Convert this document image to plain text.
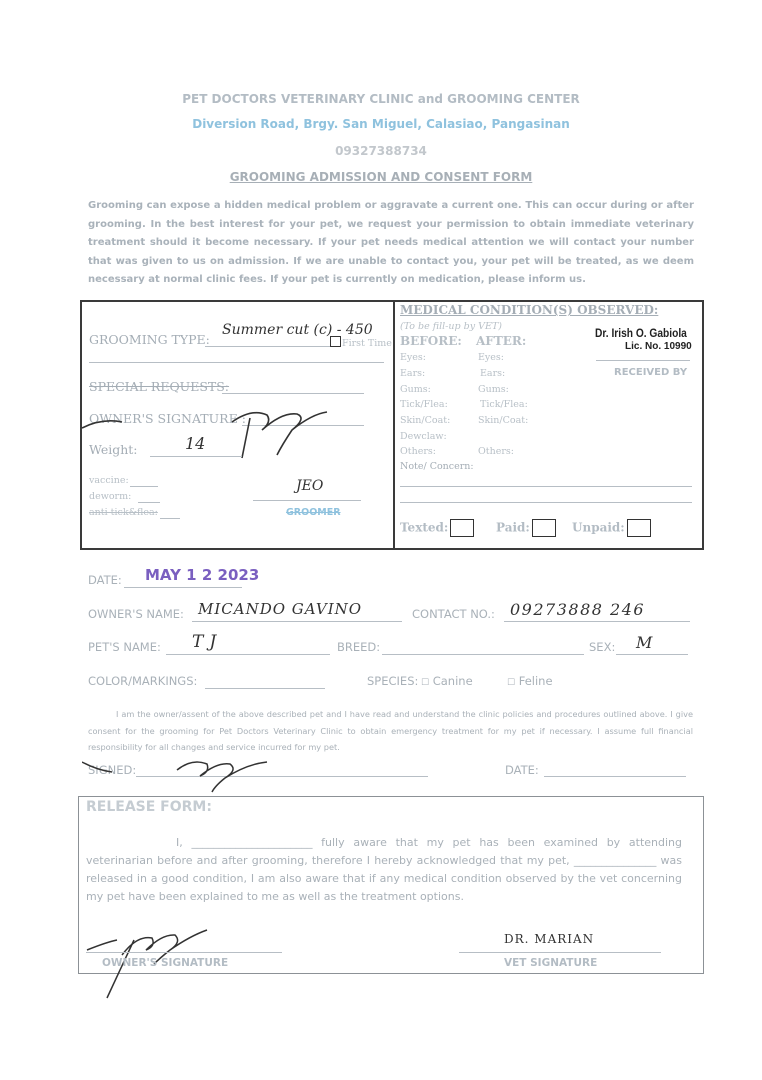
PET DOCTORS VETERINARY CLINIC and GROOMING CENTER
Diversion Road, Brgy. San Miguel, Calasiao, Pangasinan
09327388734
GROOMING ADMISSION AND CONSENT FORM
Grooming can expose a hidden medical problem or aggravate a current one. This can occur during or after grooming. In the best interest for your pet, we request your permission to obtain immediate veterinary treatment should it become necessary. If your pet needs medical attention we will contact your number that was given to us on admission. If we are unable to contact you, your pet will be treated, as we deem necessary at normal clinic fees. If your pet is currently on medication, please inform us.
GROOMING TYPE:
Summer cut (c) - 450
First Time
SPECIAL REQUESTS:
OWNER'S SIGNATURE :
Weight:	14
vaccine:
deworm:
anti tick&flea:
JEO
GROOMER
MEDICAL CONDITION(S) OBSERVED:
(To be fill-up by VET)
BEFORE: AFTER:
Dr. Irish O. Gabiola
Lic. No. 10990
RECEIVED BY
Eyes:	Eyes:
Ears:	Ears:
Gums:	Gums:
Tick/Flea:	Tick/Flea:
Skin/Coat:	Skin/Coat:
Dewclaw:
Others:	Others:
Note/ Concern:
Texted:	Paid:	Unpaid:
DATE: MAY 1 2 2023
OWNER'S NAME: MICANDO GAVINO	CONTACT NO.: 09273888 246
PET'S NAME: TJ	BREED:	SEX: M
COLOR/MARKINGS:	SPECIES: ☐ Canine	☐ Feline
I am the owner/assent of the above described pet and I have read and understand the clinic policies and procedures outlined above. I give consent for the grooming for Pet Doctors Veterinary Clinic to obtain emergency treatment for my pet if necessary. I assume full financial responsibility for all changes and service incurred for my pet.
SIGNED:	DATE:
RELEASE FORM:
I, ______________________ fully aware that my pet has been examined by attending veterinarian before and after grooming, therefore I hereby acknowledged that my pet, _______________ was released in a good condition, I am also aware that if any medical condition observed by the vet concerning my pet have been explained to me as well as the treatment options.
OWNER'S SIGNATURE
DR. MARIAN
VET SIGNATURE
